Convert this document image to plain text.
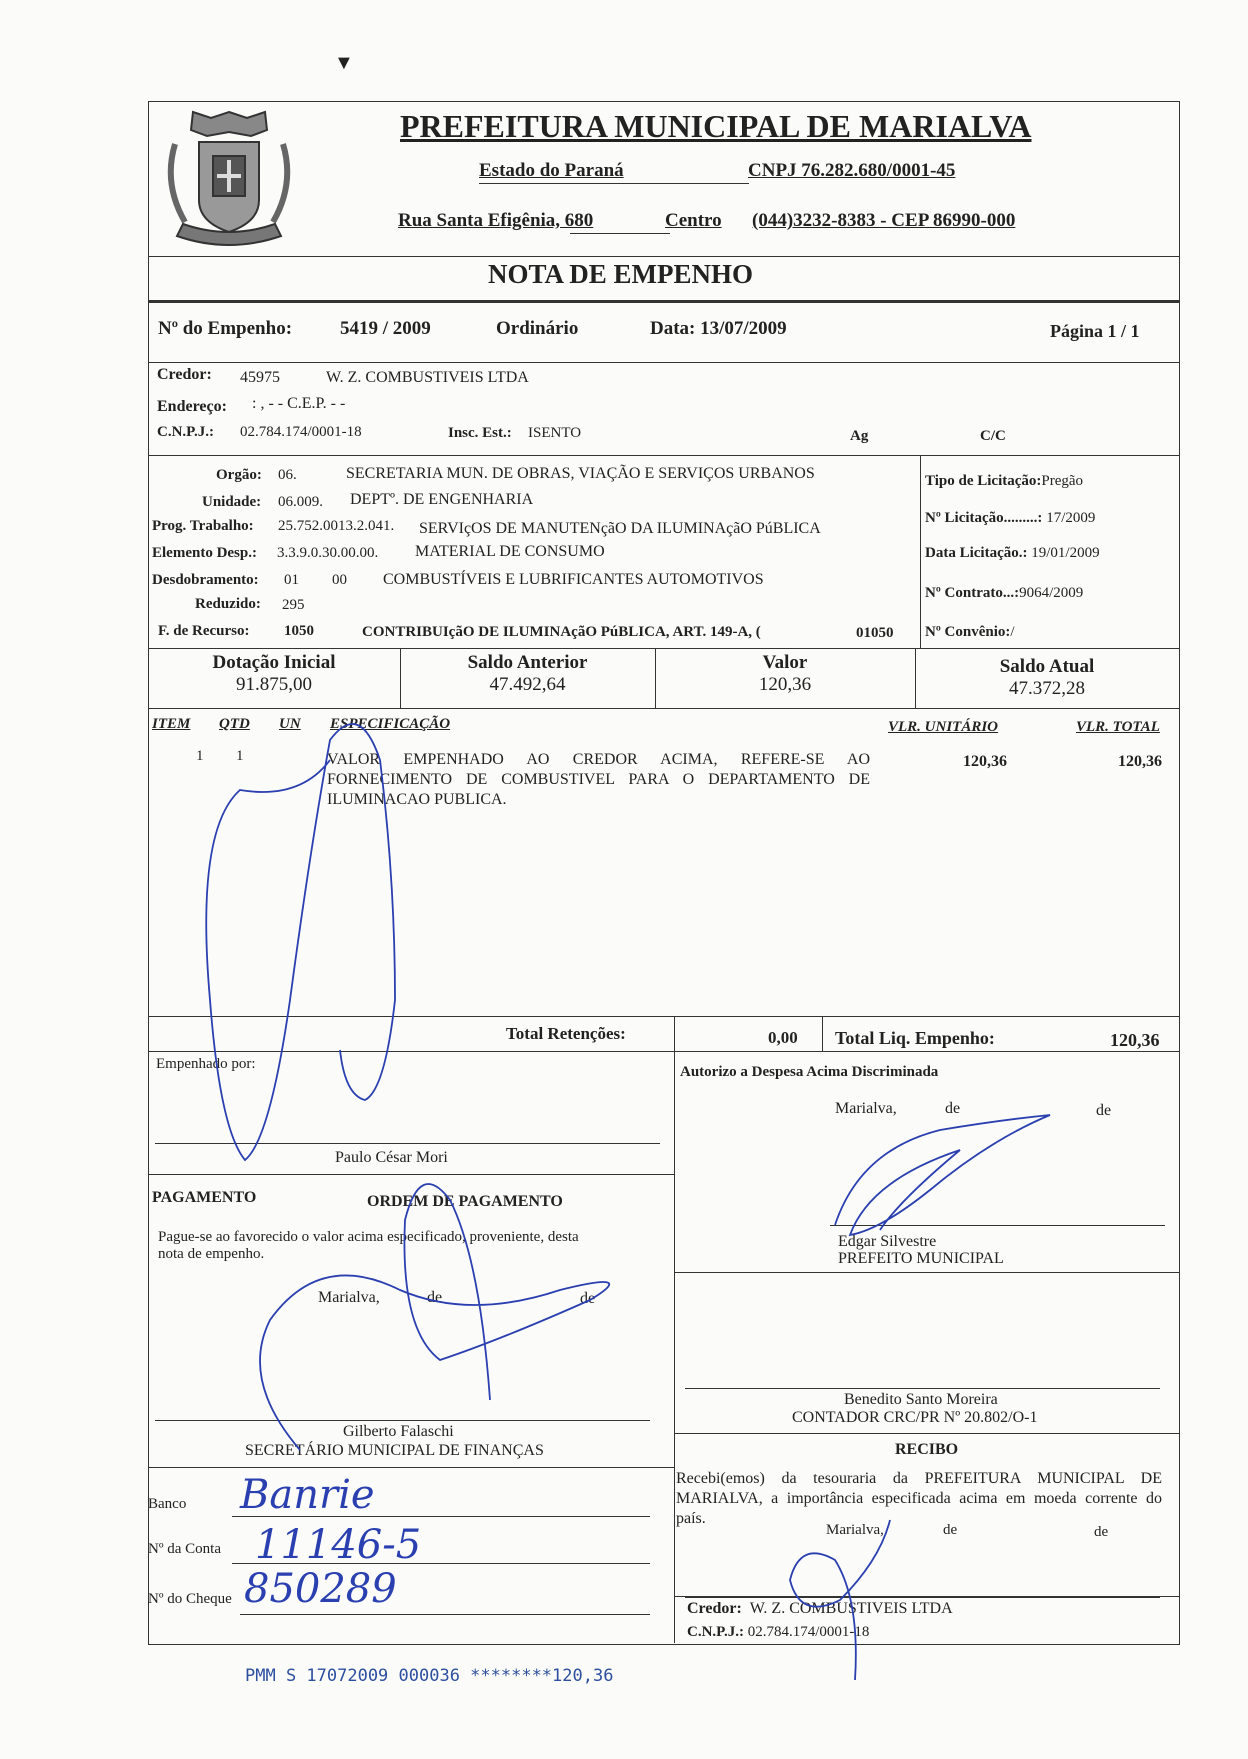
PREFEITURA MUNICIPAL DE MARIALVA
Estado do Paraná	CNPJ 76.282.680/0001-45
Rua Santa Efigênia, 680	Centro (044)3232-8383 - CEP 86990-000
NOTA DE EMPENHO
Nº do Empenho:	5419 / 2009	Ordinário	Data: 13/07/2009	Página 1 / 1
Credor: 45975	W. Z. COMBUSTIVEIS LTDA
Endereço: : , - - C.E.P. - -
C.N.P.J.: 02.784.174/0001-18	Insc. Est.: ISENTO	Ag	C/C
Orgão: 06.	SECRETARIA MUN. DE OBRAS, VIAÇÃO E SERVIÇOS URBANOS
Unidade: 06.009. DEPTº. DE ENGENHARIA
Prog. Trabalho: 25.752.0013.2.041. SERVIçOS DE MANUTENçãO DA ILUMINAçãO PúBLICA
Elemento Desp.: 3.3.9.0.30.00.00. MATERIAL DE CONSUMO
Desdobramento: 01 00 COMBUSTÍVEIS E LUBRIFICANTES AUTOMOTIVOS
Reduzido: 295
F. de Recurso: 1050	CONTRIBUIçãO DE ILUMINAçãO PúBLICA, ART. 149-A, (	01050
Tipo de Licitação:Pregão
Nº Licitação.........: 17/2009
Data Licitação.: 19/01/2009
Nº Contrato...:9064/2009
Nº Convênio:/
Dotação Inicial
91.875,00
Saldo Anterior
47.492,64
Valor
120,36
Saldo Atual
47.372,28
ITEM QTD UN ESPECIFICAÇÃO	VLR. UNITÁRIO	VLR. TOTAL
1 1	VALOR EMPENHADO AO CREDOR ACIMA, REFERE-SE AO
FORNECIMENTO DE COMBUSTIVEL PARA O DEPARTAMENTO DE
ILUMINACAO PUBLICA.
120,36	120,36
Total Retenções:	0,00 Total Liq. Empenho:	120,36
Empenhado por:
Paulo César Mori
Autorizo a Despesa Acima Discriminada
Marialva,	de	de
Edgar Silvestre
PREFEITO MUNICIPAL
PAGAMENTO	ORDEM DE PAGAMENTO
Pague-se ao favorecido o valor acima especificado, proveniente, desta
nota de empenho.
Marialva,	de	de
Gilberto Falaschi
SECRETÁRIO MUNICIPAL DE FINANÇAS
Benedito Santo Moreira
CONTADOR CRC/PR Nº 20.802/O-1
RECIBO
Recebi(emos) da tesouraria da PREFEITURA MUNICIPAL DE
MARIALVA, a importância especificada acima em moeda corrente do
país.
Marialva,	de	de
Credor: W. Z. COMBUSTIVEIS LTDA
C.N.P.J.: 02.784.174/0001-18
Banco Banrie
Nº da Conta 11146-5
Nº do Cheque 850289
PMM S 17072009 000036 ********120,36
▼
